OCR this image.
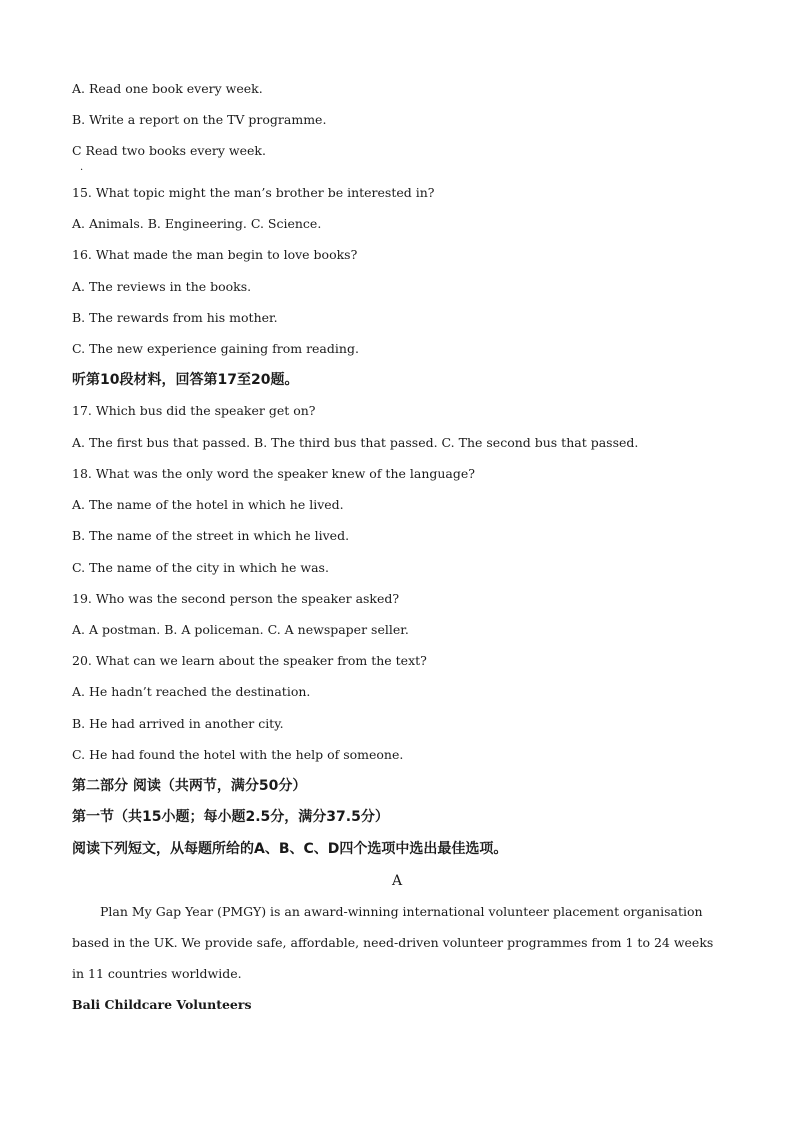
A. Read one book every week.

B. Write a report on the TV programme.

C Read two books every week.

.

15. What topic might the man’s brother be interested in?

A. Animals. B. Engineering. C. Science.

16. What made the man begin to love books?

A. The reviews in the books.

B. The rewards from his mother.

C. The new experience gaining from reading.

听第10段材料，回答第17至20题。

17. Which bus did the speaker get on?

A. The first bus that passed. B. The third bus that passed. C. The second bus that passed.

18. What was the only word the speaker knew of the language?

A. The name of the hotel in which he lived.

B. The name of the street in which he lived.

C. The name of the city in which he was.

19. Who was the second person the speaker asked?

A. A postman. B. A policeman. C. A newspaper seller.

20. What can we learn about the speaker from the text?

A. He hadn’t reached the destination.

B. He had arrived in another city.

C. He had found the hotel with the help of someone.

第二部分 阅读（共两节，满分50分）

第一节（共15小题；每小题2.5分，满分37.5分）

阅读下列短文，从每题所给的A、B、C、D四个选项中选出最佳选项。

A

Plan My Gap Year (PMGY) is an award-winning international volunteer placement organisation

based in the UK. We provide safe, affordable, need-driven volunteer programmes from 1 to 24 weeks

in 11 countries worldwide.

Bali Childcare Volunteers
